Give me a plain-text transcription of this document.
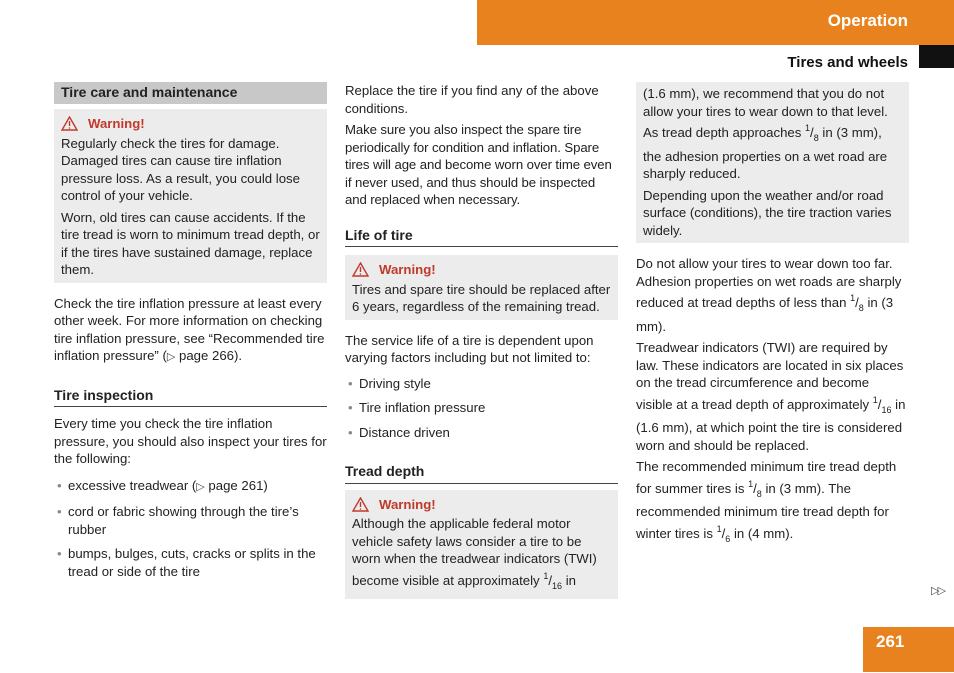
Operation
Tires and wheels
Tire care and maintenance
Warning!

Regularly check the tires for damage. Damaged tires can cause tire inflation pressure loss. As a result, you could lose control of your vehicle.

Worn, old tires can cause accidents. If the tire tread is worn to minimum tread depth, or if the tires have sustained damage, replace them.

Check the tire inflation pressure at least every other week. For more information on checking tire inflation pressure, see “Recommended tire inflation pressure” (▷ page 266).

Tire inspection

Every time you check the tire inflation pressure, you should also inspect your tires for the following:

• excessive treadwear (▷ page 261)
• cord or fabric showing through the tire’s rubber
• bumps, bulges, cuts, cracks or splits in the tread or side of the tire

Replace the tire if you find any of the above conditions.

Make sure you also inspect the spare tire periodically for condition and inflation. Spare tires will age and become worn over time even if never used, and thus should be inspected and replaced when necessary.

Life of tire
Warning!

Tires and spare tire should be replaced after 6 years, regardless of the remaining tread.

The service life of a tire is dependent upon varying factors including but not limited to:

• Driving style
• Tire inflation pressure
• Distance driven
Tread depth
Warning!

Although the applicable federal motor vehicle safety laws consider a tire to be worn when the treadwear indicators (TWI) become visible at approximately $^1/_{16}$ in

(1.6 mm), we recommend that you do not allow your tires to wear down to that level. As tread depth approaches $^1/_8$ in (3 mm), the adhesion properties on a wet road are sharply reduced.

Depending upon the weather and/or road surface (conditions), the tire traction varies widely.

Do not allow your tires to wear down too far. Adhesion properties on wet roads are sharply reduced at tread depths of less than $^1/_8$ in (3 mm).

Treadwear indicators (TWI) are required by law. These indicators are located in six places on the tread circumference and become visible at a tread depth of approximately $^1/_{16}$ in (1.6 mm), at which point the tire is considered worn and should be replaced.

The recommended minimum tire tread depth for summer tires is $^1/_8$ in (3 mm). The recommended minimum tire tread depth for winter tires is $^1/_6$ in (4 mm).

▷▷
261
